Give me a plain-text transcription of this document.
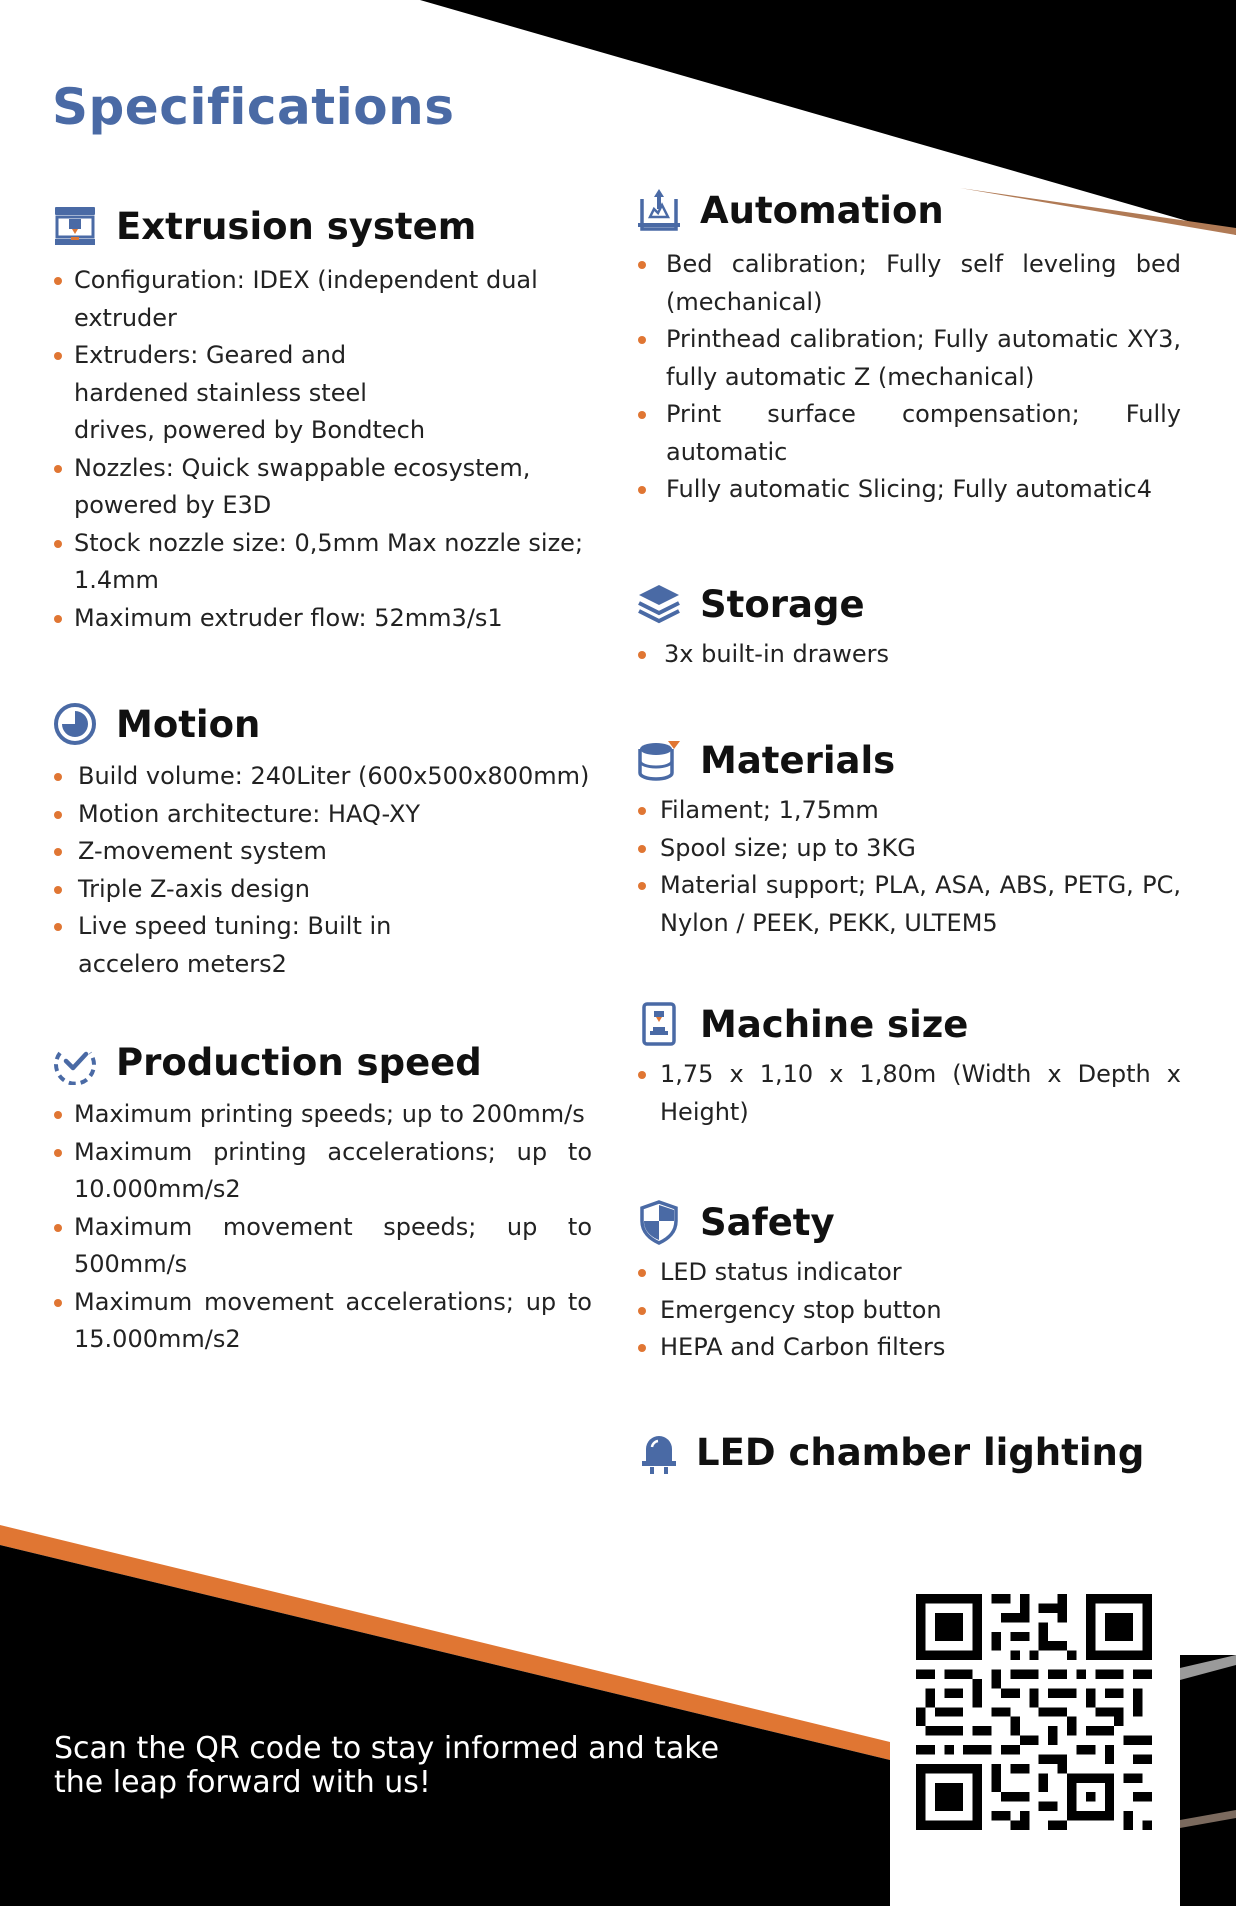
Specifications
Extrusion system
Configuration: IDEX (independent dual extruder
Extruders: Geared and hardened stainless steel drives, powered by Bondtech
Nozzles: Quick swappable ecosystem, powered by E3D
Stock nozzle size: 0,5mm Max nozzle size; 1.4mm
Maximum extruder flow: 52mm3/s1
Motion
Build volume: 240Liter (600x500x800mm)
Motion architecture: HAQ-XY
Z-movement system
Triple Z-axis design
Live speed tuning: Built in accelero meters2
Production speed
Maximum printing speeds; up to 200mm/s
Maximum printing accelerations; up to 10.000mm/s2
Maximum movement speeds; up to 500mm/s
Maximum movement accelerations; up to 15.000mm/s2
Automation
Bed calibration; Fully self leveling bed (mechanical)
Printhead calibration; Fully automatic XY3, fully automatic Z (mechanical)
Print surface compensation; Fully automatic
Fully automatic Slicing; Fully automatic4
Storage
3x built-in drawers
Materials
Filament; 1,75mm
Spool size; up to 3KG
Material support; PLA, ASA, ABS, PETG, PC, Nylon / PEEK, PEKK, ULTEM5
Machine size
1,75 x 1,10 x 1,80m (Width x Depth x Height)
Safety
LED status indicator
Emergency stop button
HEPA and Carbon filters
LED chamber lighting

Scan the QR code to stay informed and take the leap forward with us!
